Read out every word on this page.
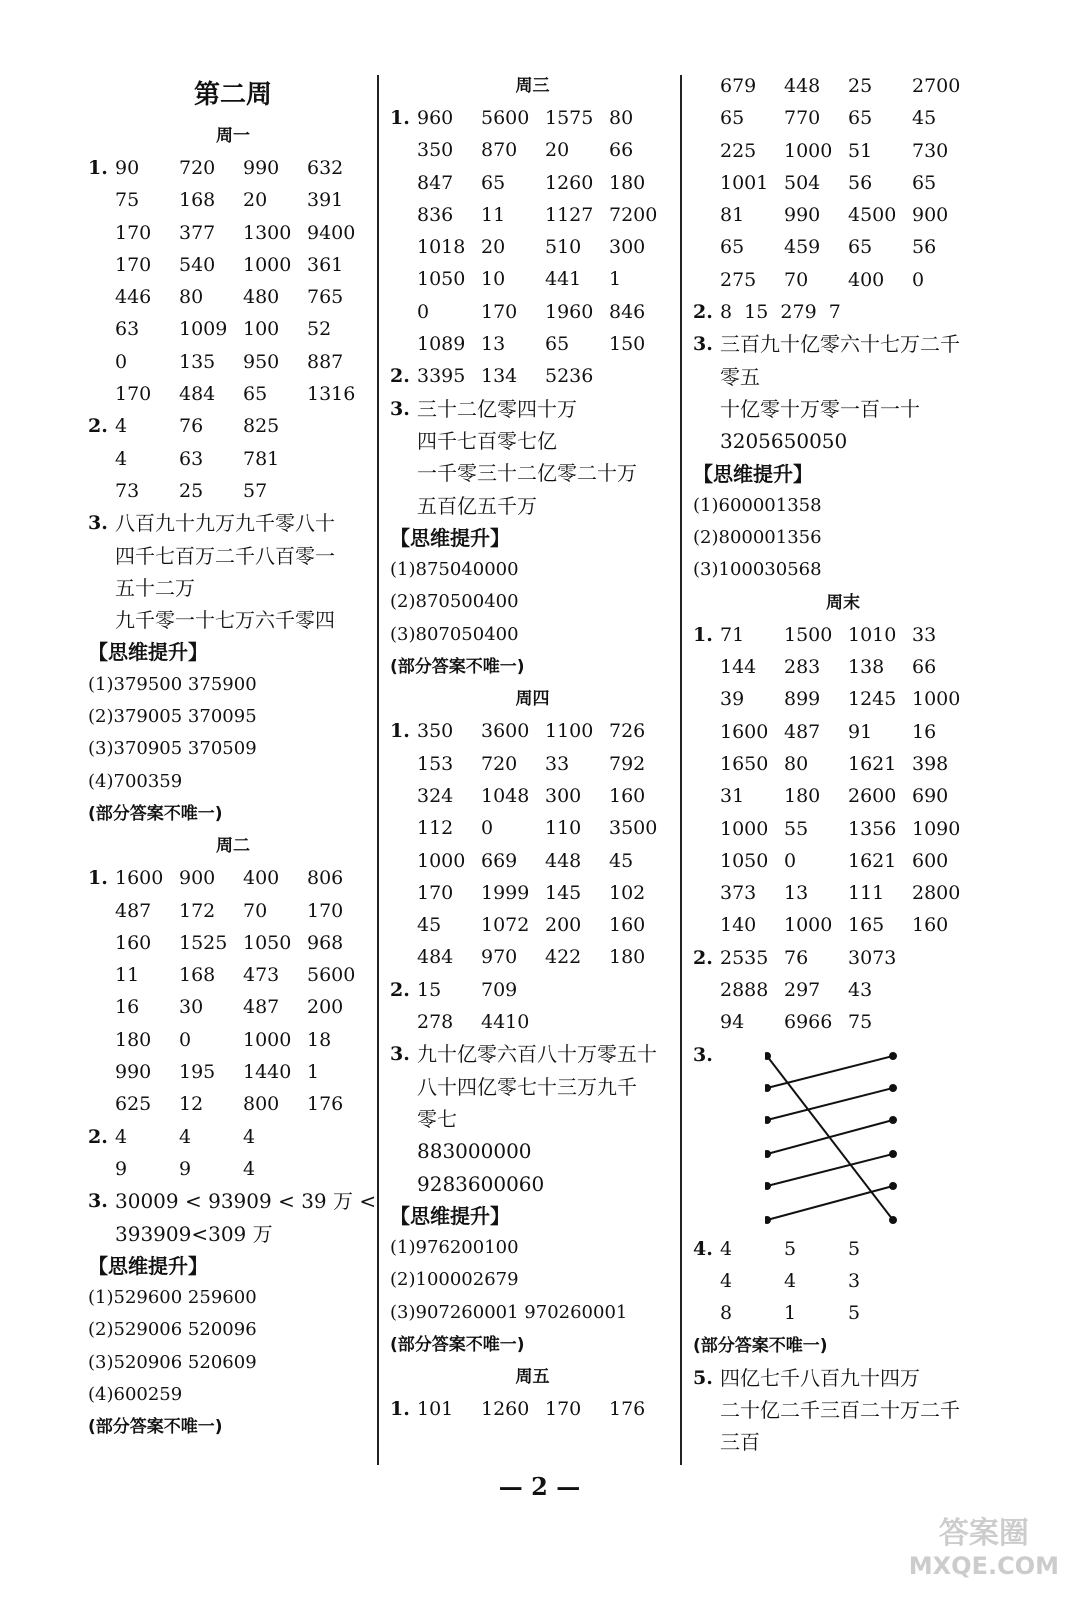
第二周
周一
1. 90	720	990	632
75	168	20	391
170	377	1300 9400
170	540	1000 361
446	80	480	765
63	1009 100	52
0	135	950	887
170	484	65	1316
2. 4	76	825
4	63	781
73	25	57
3. 八百九十九万九千零八十
四千七百万二千八百零一
五十二万
九千零一十七万六千零四
【思维提升】
(1)379500 375900
(2)379005 370095
(3)370905 370509
(4)700359
(部分答案不唯一)
周二
1. 1600 900	400	806
487	172	70	170
160	1525 1050 968
11	168	473	5600
16	30	487	200
180	0	1000 18
990	195	1440 1
625	12	800	176
2. 4	4	4
9	9	4
3. 30009 < 93909 < 39 万 <
393909<309 万
【思维提升】
(1)529600 259600
(2)529006 520096
(3)520906 520609
(4)600259
(部分答案不唯一)
周三
1. 960	5600 1575 80
350	870	20	66
847	65	1260 180
836	11	1127 7200
1018 20	510	300
1050 10	441	1
0	170	1960 846
1089 13	65	150
2. 3395 134	5236
3. 三十二亿零四十万
四千七百零七亿
一千零三十二亿零二十万
五百亿五千万
【思维提升】
(1)875040000
(2)870500400
(3)807050400
(部分答案不唯一)
周四
1. 350	3600 1100 726
153	720	33	792
324	1048 300	160
112	0	110	3500
1000 669	448	45
170	1999 145	102
45	1072 200	160
484	970	422	180
2. 15	709
278	4410
3. 九十亿零六百八十万零五十
八十四亿零七十三万九千
零七
883000000
9283600060
【思维提升】
(1)976200100
(2)100002679
(3)907260001 970260001
(部分答案不唯一)
周五
1. 101	1260 170	176
679	448	25	2700
65	770	65	45
225	1000 51	730
1001 504	56	65
81	990	4500 900
65	459	65	56
275	70	400	0
2. 8  15  279  7
3. 三百九十亿零六十七万二千
零五
十亿零十万零一百一十
3205650050
【思维提升】
(1)600001358
(2)800001356
(3)100030568
周末
1. 71	1500 1010 33
144	283	138	66
39	899	1245 1000
1600 487	91	16
1650 80	1621 398
31	180	2600 690
1000 55	1356 1090
1050 0	1621 600
373	13	111	2800
140	1000 165	160
2. 2535 76	3073
2888 297	43
94	6966 75
3.
4. 4	5	5
4	4	3
8	1	5
(部分答案不唯一)
5. 四亿七千八百九十四万
二十亿二千三百二十万二千
三百
— 2 —
答案圈
MXQE.COM
